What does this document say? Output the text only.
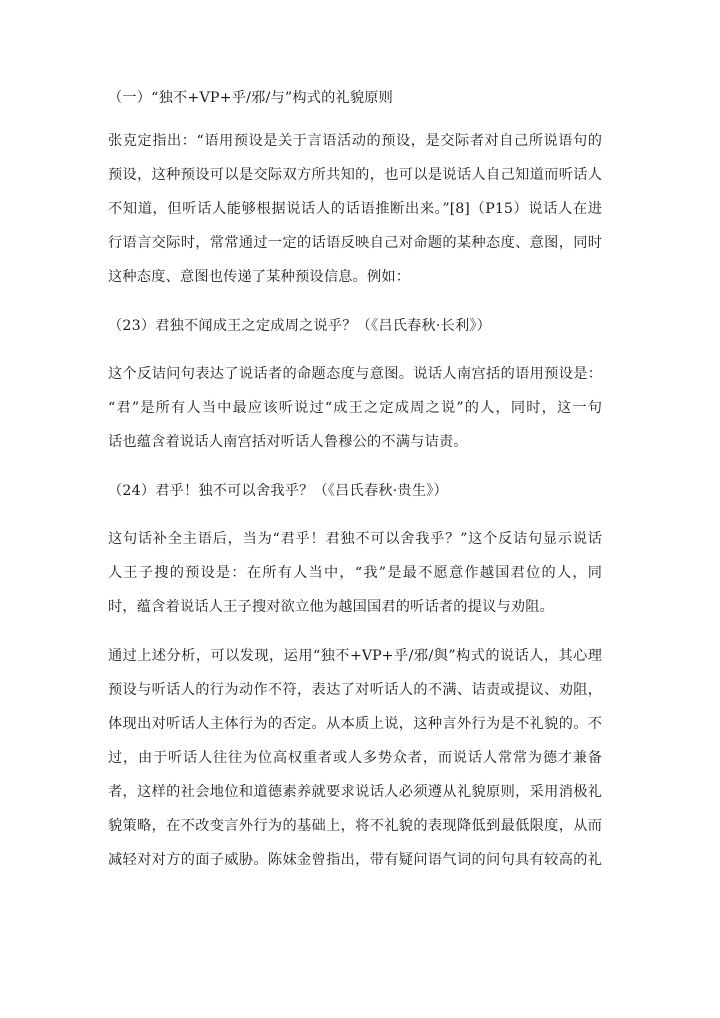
（一）“独不+VP+乎/邪/与”构式的礼貌原则
张克定指出：“语用预设是关于言语活动的预设，是交际者对自己所说语句的
预设，这种预设可以是交际双方所共知的，也可以是说话人自己知道而听话人
不知道，但听话人能够根据说话人的话语推断出来。”[8]（P15）说话人在进
行语言交际时，常常通过一定的话语反映自己对命题的某种态度、意图，同时
这种态度、意图也传递了某种预设信息。例如：
（23）君独不闻成王之定成周之说乎？（《吕氏春秋·长利》）
这个反诘问句表达了说话者的命题态度与意图。说话人南宫括的语用预设是：
“君”是所有人当中最应该听说过“成王之定成周之说”的人，同时，这一句
话也蕴含着说话人南宫括对听话人鲁穆公的不满与诘责。
（24）君乎！独不可以舍我乎？（《吕氏春秋·贵生》）
这句话补全主语后，当为“君乎！君独不可以舍我乎？”这个反诘句显示说话
人王子搜的预设是：在所有人当中，“我”是最不愿意作越国君位的人，同
时，蕴含着说话人王子搜对欲立他为越国国君的听话者的提议与劝阻。
通过上述分析，可以发现，运用“独不+VP+乎/邪/與”构式的说话人，其心理
预设与听话人的行为动作不符，表达了对听话人的不满、诘责或提议、劝阻，
体现出对听话人主体行为的否定。从本质上说，这种言外行为是不礼貌的。不
过，由于听话人往往为位高权重者或人多势众者，而说话人常常为德才兼备
者，这样的社会地位和道德素养就要求说话人必须遵从礼貌原则，采用消极礼
貌策略，在不改变言外行为的基础上，将不礼貌的表现降低到最低限度，从而
减轻对对方的面子威胁。陈妹金曾指出，带有疑问语气词的问句具有较高的礼
